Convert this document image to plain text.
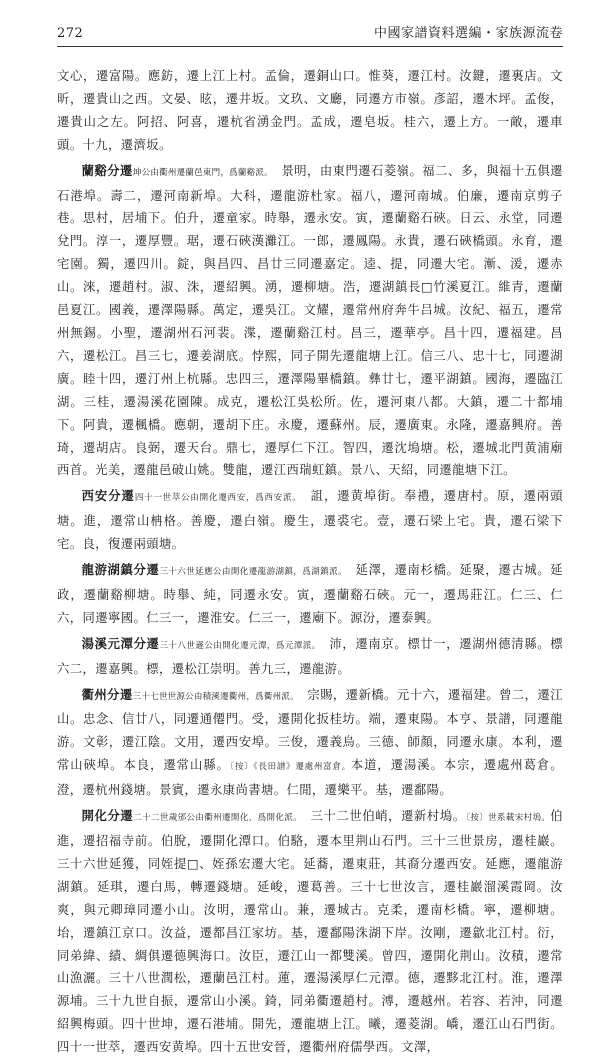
272	中國家譜資料選編・家族源流卷

文心，遷富陽。應鈁，遷上江上村。孟倫，遷銅山口。惟葵，遷江村。汝鍵，遷裏店。文昕，遷貴山之西。文晏、昡，遷井坂。文玖、文廳，同遷方市嶺。彥詔，遷木坪。孟俊，遷貴山之左。阿招、阿喜，遷杭省湧金門。孟成，遷皂坂。桂六，遷上方。一敵，遷車頭。十九，遷濟坂。

蘭谿分遷坤公由衢州遷蘭邑東門，爲蘭谿派。　景明，由東門遷石菱嶺。福二、多，與福十五俱遷石港埠。壽二，遷河南新埠。大科，遷龍游杜家。福八，遷河南城。伯廉，遷南京剪子巷。思村，居埔下。伯升，遷童家。時舉，遷永安。寅，遷蘭谿石硤。日云、永堂，同遷兌門。淳一，遷厚豐。琚，遷石硤漢灘江。一郎，遷鳳陽。永貴，遷石硤橋頭。永育，遷宅園。獨，遷四川。錠，與昌四、昌廿三同遷嘉定。逵、提，同遷大宅。漸、湲，遷赤山。淶，遷趙村。淑、洙，遷紹興。湧，遷柳塘。浩，遷湖鎮長□竹溪夏江。維青，遷蘭邑夏江。國義，遷澤陽縣。萬定，遷吳江。文耀，遷常州府奔牛吕城。汝紀、福五，遷常州無錫。小聖，遷湖州石河裴。渫，遷蘭谿江村。昌三，遷華亭。昌十四，遷福建。昌六，遷松江。昌三七，遷姜湖底。悖熙，同子開先遷龍塘上江。信三八、忠十七，同遷湖廣。睦十四，遷汀州上杭縣。忠四三，遷澤陽畢橋鎮。彝廿七，遷平湖鎮。國海，遷臨江湖。三桂，遷湯溪花園陳。成克，遷松江吳松所。佐，遷河東八都。大鎮，遷二十都埔下。阿貴，遷楓橋。應朝，遷胡下庄。永慶，遷蘇州。辰，遷廣東。永隆，遷嘉興府。善琦，遷胡店。良弼，遷天台。鼎七，遷厚仁下江。智四，遷沈塢塘。松，遷城北門黄浦廟西首。光美，遷龍邑破山姚。雙龍，遷江西瑞虹鎮。景八、天紹，同遷龍塘下江。

西安分遷四十一世萃公由開化遷西安，爲西安派。　詛，遷黄埠街。奉禮，遷唐村。原，遷兩頭塘。進，遷常山柟格。善慶，遷白嶺。慶生，遷裘宅。壹，遷石梁上宅。貴，遷石梁下宅。良，復遷兩頭塘。

龍游湖鎮分遷三十六世延應公由開化遷龍游湖鎮，爲湖鎮派。　延澤，遷南杉橋。延聚，遷古城。延政，遷蘭谿柳塘。時舉、純，同遷永安。寅，遷蘭谿石硤。元一，遷馬莊江。仁三、仁六，同遷寧國。仁三一，遷淮安。仁三一，遷廟下。源汾，遷泰興。

湯溪元潭分遷三十八世遜公由開化遷元潭，爲元潭派。　沛，遷南京。標廿一，遷湖州德清縣。標六二，遷嘉興。標，遷松江崇明。善九三，遷龍游。

衢州分遷三十七世世源公由積溪遷衢州，爲衢州派。　宗賜，遷新橋。元十六，遷福建。曾二，遷江山。忠念、信廿八，同遷通僊門。受，遷開化扳桂坊。端，遷東陽。本亨、景譜，同遷龍游。文彰，遷江陰。文用，遷西安埠。三俊，遷義烏。三德、師顏，同遷永康。本利，遷常山硤埠。本良，遷常山縣。〔按〕《長田譜》遷處州富倉。本道，遷湯溪。本宗，遷處州葛倉。澄，遷杭州錢塘。景賓，遷永康尚書塘。仁閒，遷樂平。基，遷鄱陽。

開化分遷二十二世歲邠公由衢州遷開化，爲開化派。　三十二世伯峭，遷新村塢。〔按〕世系載宋村塢。伯進，遷招福寺前。伯脫，遷開化潭口。伯駱，遷本里荆山石門。三十三世景房，遷桂巖。三十六世延獲，同姪提□、姪孫宏遷大宅。延蕎，遷東莊，其裔分遷西安。延應，遷龍游湖鎮。延琪，遷白馬，轉遷錢塘。延峻，遷葛善。三十七世汝言，遷桂巖溜溪霞岡。汝爽，與元卿璋同遷小山。汝明，遷常山。兼，遷城古。克柔，遷南杉橋。寧，遷柳塘。坮，遷鎮江京口。汝益，遷都昌江家坊。基，遷鄱陽洙湖下岸。汝剛，遷歙北江村。衍，同弟緯、績、綢俱遷德興海口。汝臣，遷江山一都雙溪。曾四，遷開化荆山。汝積，遷常山漁灑。三十八世潤松，遷蘭邑江村。蓮，遷湯溪厚仁元潭。德，遷黟北江村。淮，遷澤源埔。三十九世自振，遷常山小溪。錡，同弟衢遷趙村。溥，遷越州。若容、若沖，同遷紹興梅頭。四十世坤，遷石港埔。開先，遷龍塘上江。曦，遷菱湖。嶠，遷江山石門街。四十一世萃，遷西安黄埠。四十五世安晉，遷衢州府儒學西。文澤，
